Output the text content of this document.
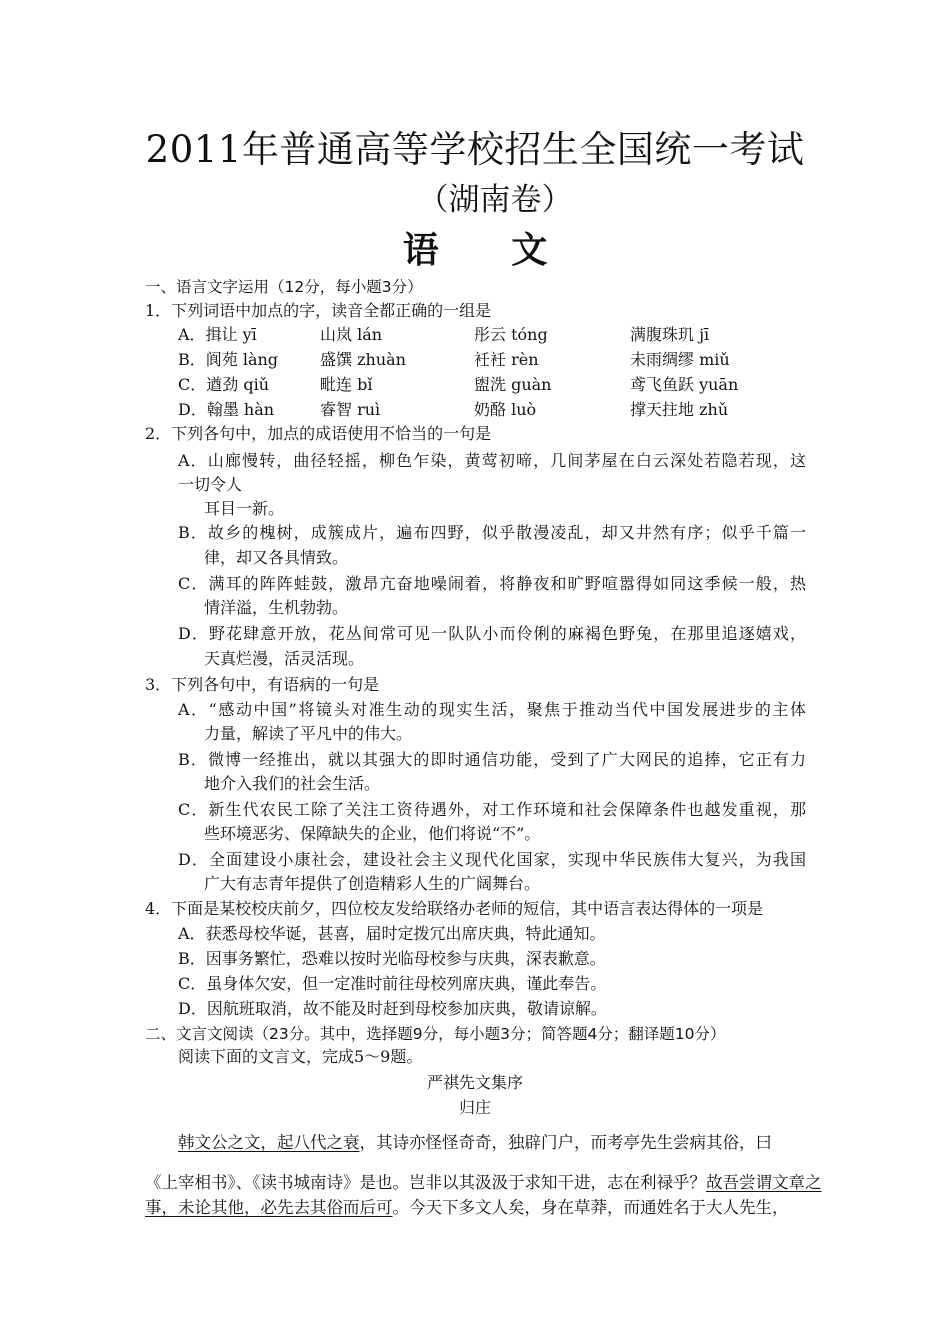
2011年普通高等学校招生全国统一考试
（湖南卷）
语 文
一、语言文字运用（12分，每小题3分）
1．下列词语中加点的字，读音全都正确的一组是
A．揖让 yī	山岚 lán	彤云 tóng	满腹珠玑 jī
B．阆苑 làng	盛馔 zhuàn	衽衽 rèn	未雨绸缪 miǔ
C．遒劲 qiǔ	毗连 bǐ	盥洗 guàn	鸢飞鱼跃 yuān
D．翰墨 hàn	睿智 ruì	奶酪 luò	撑天拄地 zhǔ
2．下列各句中，加点的成语使用不恰当的一句是
A．山廊慢转，曲径轻摇，柳色乍染，黄莺初啼，几间茅屋在白云深处若隐若现，这
一切令人
耳目一新。
B．故乡的槐树，成簇成片，遍布四野，似乎散漫凌乱，却又井然有序；似乎千篇一
律，却又各具情致。
C．满耳的阵阵蛙鼓，激昂亢奋地噪闹着，将静夜和旷野喧嚣得如同这季候一般，热
情洋溢，生机勃勃。
D．野花肆意开放，花丛间常可见一队队小而伶俐的麻褐色野兔，在那里追逐嬉戏，
天真烂漫，活灵活现。
3．下列各句中，有语病的一句是
A．“感动中国”将镜头对准生动的现实生活，聚焦于推动当代中国发展进步的主体
力量，解读了平凡中的伟大。
B．微博一经推出，就以其强大的即时通信功能，受到了广大网民的追捧，它正有力
地介入我们的社会生活。
C．新生代农民工除了关注工资待遇外，对工作环境和社会保障条件也越发重视，那
些环境恶劣、保障缺失的企业，他们将说“不”。
D．全面建设小康社会，建设社会主义现代化国家，实现中华民族伟大复兴，为我国
广大有志青年提供了创造精彩人生的广阔舞台。
4．下面是某校校庆前夕，四位校友发给联络办老师的短信，其中语言表达得体的一项是
A．获悉母校华诞，甚喜，届时定拨冗出席庆典，特此通知。
B．因事务繁忙，恐难以按时光临母校参与庆典，深表歉意。
C．虽身体欠安，但一定准时前往母校列席庆典，谨此奉告。
D．因航班取消，故不能及时赶到母校参加庆典，敬请谅解。
二、文言文阅读（23分。其中，选择题9分，每小题3分；简答题4分；翻译题10分）
阅读下面的文言文，完成5～9题。
严祺先文集序
归庄
韩文公之文，起八代之衰，其诗亦怪怪奇奇，独辟门户，而考亭先生尝病其俗，曰
《上宰相书》、《读书城南诗》是也。岂非以其汲汲于求知干进，志在利禄乎？故吾尝谓文章之
事，未论其他，必先去其俗而后可。今天下多文人矣，身在草莽，而通姓名于大人先生，
